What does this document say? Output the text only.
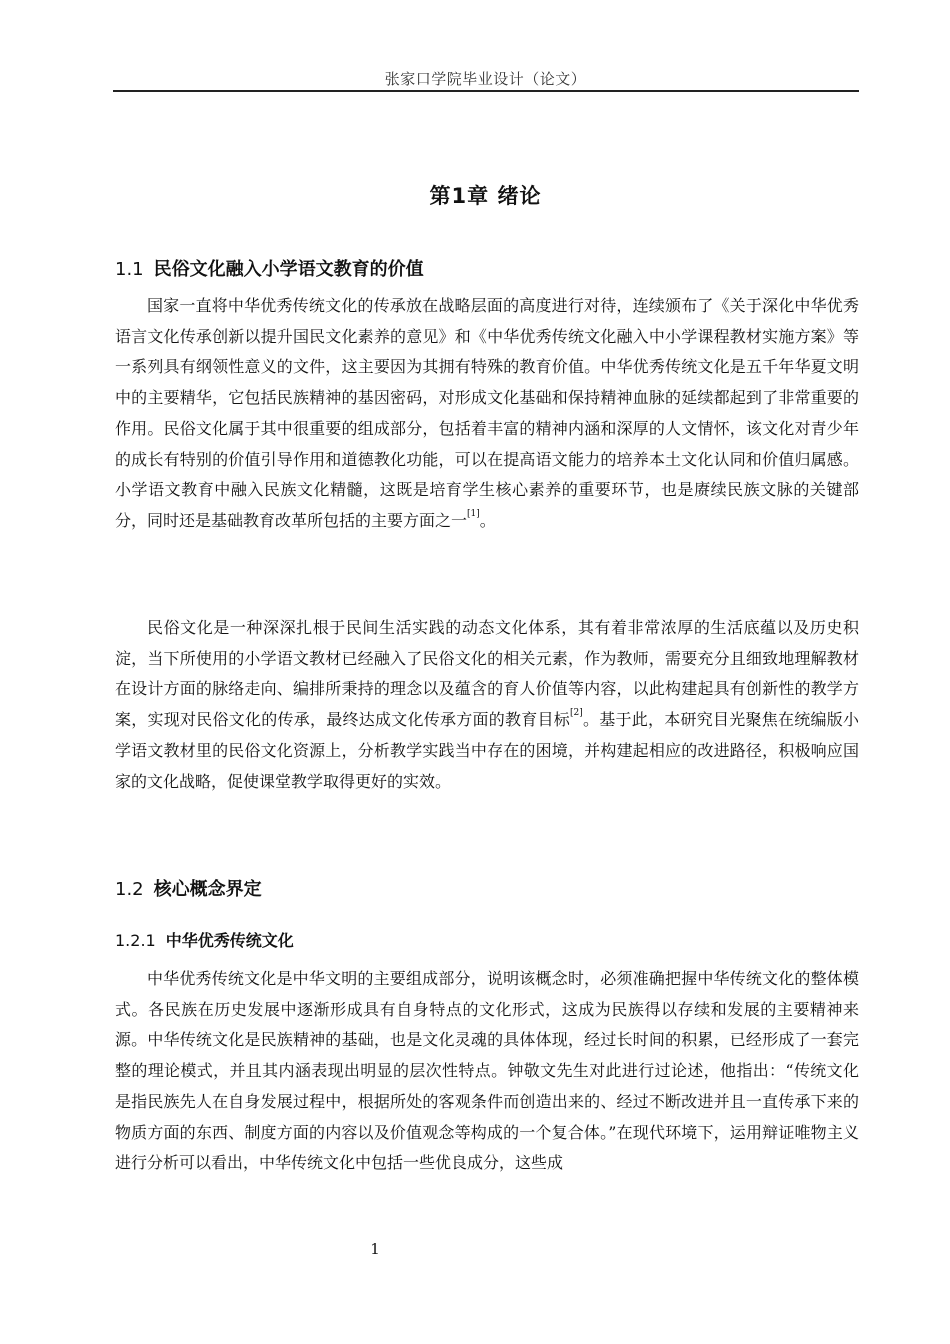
张家口学院毕业设计（论文）
第1章 绪论
1.1 民俗文化融入小学语文教育的价值

国家一直将中华优秀传统文化的传承放在战略层面的高度进行对待，连续颁布了《关于深化中华优秀语言文化传承创新以提升国民文化素养的意见》和《中华优秀传统文化融入中小学课程教材实施方案》等一系列具有纲领性意义的文件，这主要因为其拥有特殊的教育价值。中华优秀传统文化是五千年华夏文明中的主要精华，它包括民族精神的基因密码，对形成文化基础和保持精神血脉的延续都起到了非常重要的作用。民俗文化属于其中很重要的组成部分，包括着丰富的精神内涵和深厚的人文情怀，该文化对青少年的成长有特别的价值引导作用和道德教化功能，可以在提高语文能力的培养本土文化认同和价值归属感。小学语文教育中融入民族文化精髓，这既是培育学生核心素养的重要环节，也是赓续民族文脉的关键部分，同时还是基础教育改革所包括的主要方面之一[1]。

民俗文化是一种深深扎根于民间生活实践的动态文化体系，其有着非常浓厚的生活底蕴以及历史积淀，当下所使用的小学语文教材已经融入了民俗文化的相关元素，作为教师，需要充分且细致地理解教材在设计方面的脉络走向、编排所秉持的理念以及蕴含的育人价值等内容，以此构建起具有创新性的教学方案，实现对民俗文化的传承，最终达成文化传承方面的教育目标[2]。基于此，本研究目光聚焦在统编版小学语文教材里的民俗文化资源上，分析教学实践当中存在的困境，并构建起相应的改进路径，积极响应国家的文化战略，促使课堂教学取得更好的实效。

1.2 核心概念界定
1.2.1 中华优秀传统文化

中华优秀传统文化是中华文明的主要组成部分，说明该概念时，必须准确把握中华传统文化的整体模式。各民族在历史发展中逐渐形成具有自身特点的文化形式，这成为民族得以存续和发展的主要精神来源。中华传统文化是民族精神的基础，也是文化灵魂的具体体现，经过长时间的积累，已经形成了一套完整的理论模式，并且其内涵表现出明显的层次性特点。钟敬文先生对此进行过论述，他指出：“传统文化是指民族先人在自身发展过程中，根据所处的客观条件而创造出来的、经过不断改进并且一直传承下来的物质方面的东西、制度方面的内容以及价值观念等构成的一个复合体。”在现代环境下，运用辩证唯物主义进行分析可以看出，中华传统文化中包括一些优良成分，这些成

1
